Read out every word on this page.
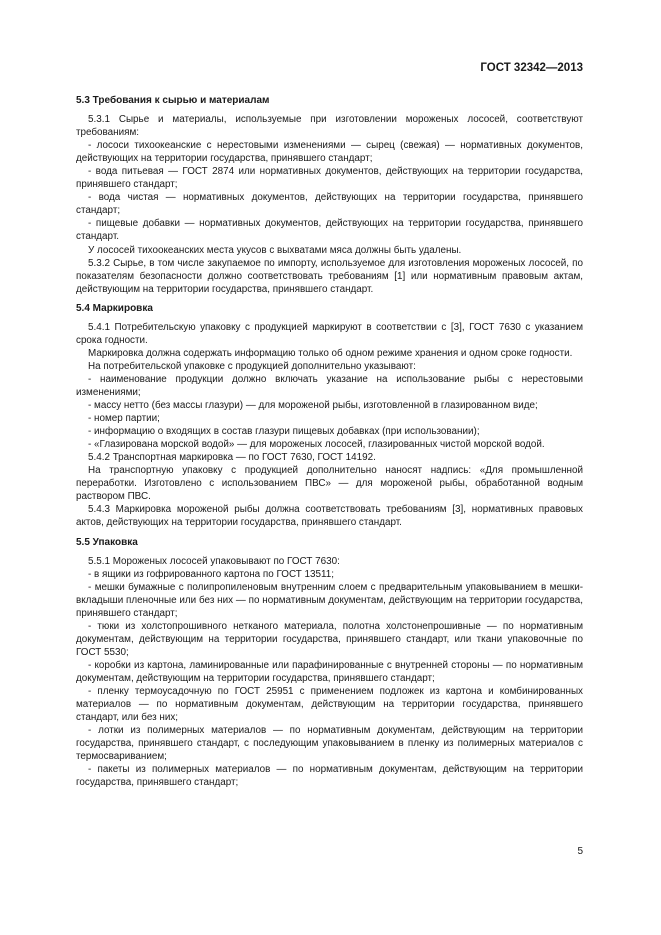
ГОСТ 32342—2013
5.3 Требования к сырью и материалам

5.3.1 Сырье и материалы, используемые при изготовлении мороженых лососей, соответствуют требованиям:

- лососи тихоокеанские с нерестовыми изменениями — сырец (свежая) — нормативных документов, действующих на территории государства, принявшего стандарт;

- вода питьевая — ГОСТ 2874 или нормативных документов, действующих на территории государства, принявшего стандарт;

- вода чистая — нормативных документов, действующих на территории государства, принявшего стандарт;

- пищевые добавки — нормативных документов, действующих на территории государства, принявшего стандарт.

У лососей тихоокеанских места укусов с выхватами мяса должны быть удалены.

5.3.2 Сырье, в том числе закупаемое по импорту, используемое для изготовления мороженых лососей, по показателям безопасности должно соответствовать требованиям [1] или нормативным правовым актам, действующим на территории государства, принявшего стандарт.

5.4 Маркировка

5.4.1 Потребительскую упаковку с продукцией маркируют в соответствии с [3], ГОСТ 7630 с указанием срока годности.

Маркировка должна содержать информацию только об одном режиме хранения и одном сроке годности.

На потребительской упаковке с продукцией дополнительно указывают:

- наименование продукции должно включать указание на использование рыбы с нерестовыми изменениями;

- массу нетто (без массы глазури) — для мороженой рыбы, изготовленной в глазированном виде;

- номер партии;

- информацию о входящих в состав глазури пищевых добавках (при использовании);

- «Глазирована морской водой» — для мороженых лососей, глазированных чистой морской водой.

5.4.2 Транспортная маркировка — по ГОСТ 7630, ГОСТ 14192.

На транспортную упаковку с продукцией дополнительно наносят надпись: «Для промышленной переработки. Изготовлено с использованием ПВС» — для мороженой рыбы, обработанной водным раствором ПВС.

5.4.3 Маркировка мороженой рыбы должна соответствовать требованиям [3], нормативных правовых актов, действующих на территории государства, принявшего стандарт.

5.5 Упаковка

5.5.1 Мороженых лососей упаковывают по ГОСТ 7630:

- в ящики из гофрированного картона по ГОСТ 13511;

- мешки бумажные с полипропиленовым внутренним слоем с предварительным упаковыванием в мешки-вкладыши пленочные или без них — по нормативным документам, действующим на территории государства, принявшего стандарт;

- тюки из холстопрошивного нетканого материала, полотна холстонепрошивные — по нормативным документам, действующим на территории государства, принявшего стандарт, или ткани упаковочные по ГОСТ 5530;

- коробки из картона, ламинированные или парафинированные с внутренней стороны — по нормативным документам, действующим на территории государства, принявшего стандарт;

- пленку термоусадочную по ГОСТ 25951 с применением подложек из картона и комбинированных материалов — по нормативным документам, действующим на территории государства, принявшего стандарт, или без них;

- лотки из полимерных материалов — по нормативным документам, действующим на территории государства, принявшего стандарт, с последующим упаковыванием в пленку из полимерных материалов с термосвариванием;

- пакеты из полимерных материалов — по нормативным документам, действующим на территории государства, принявшего стандарт;

5
